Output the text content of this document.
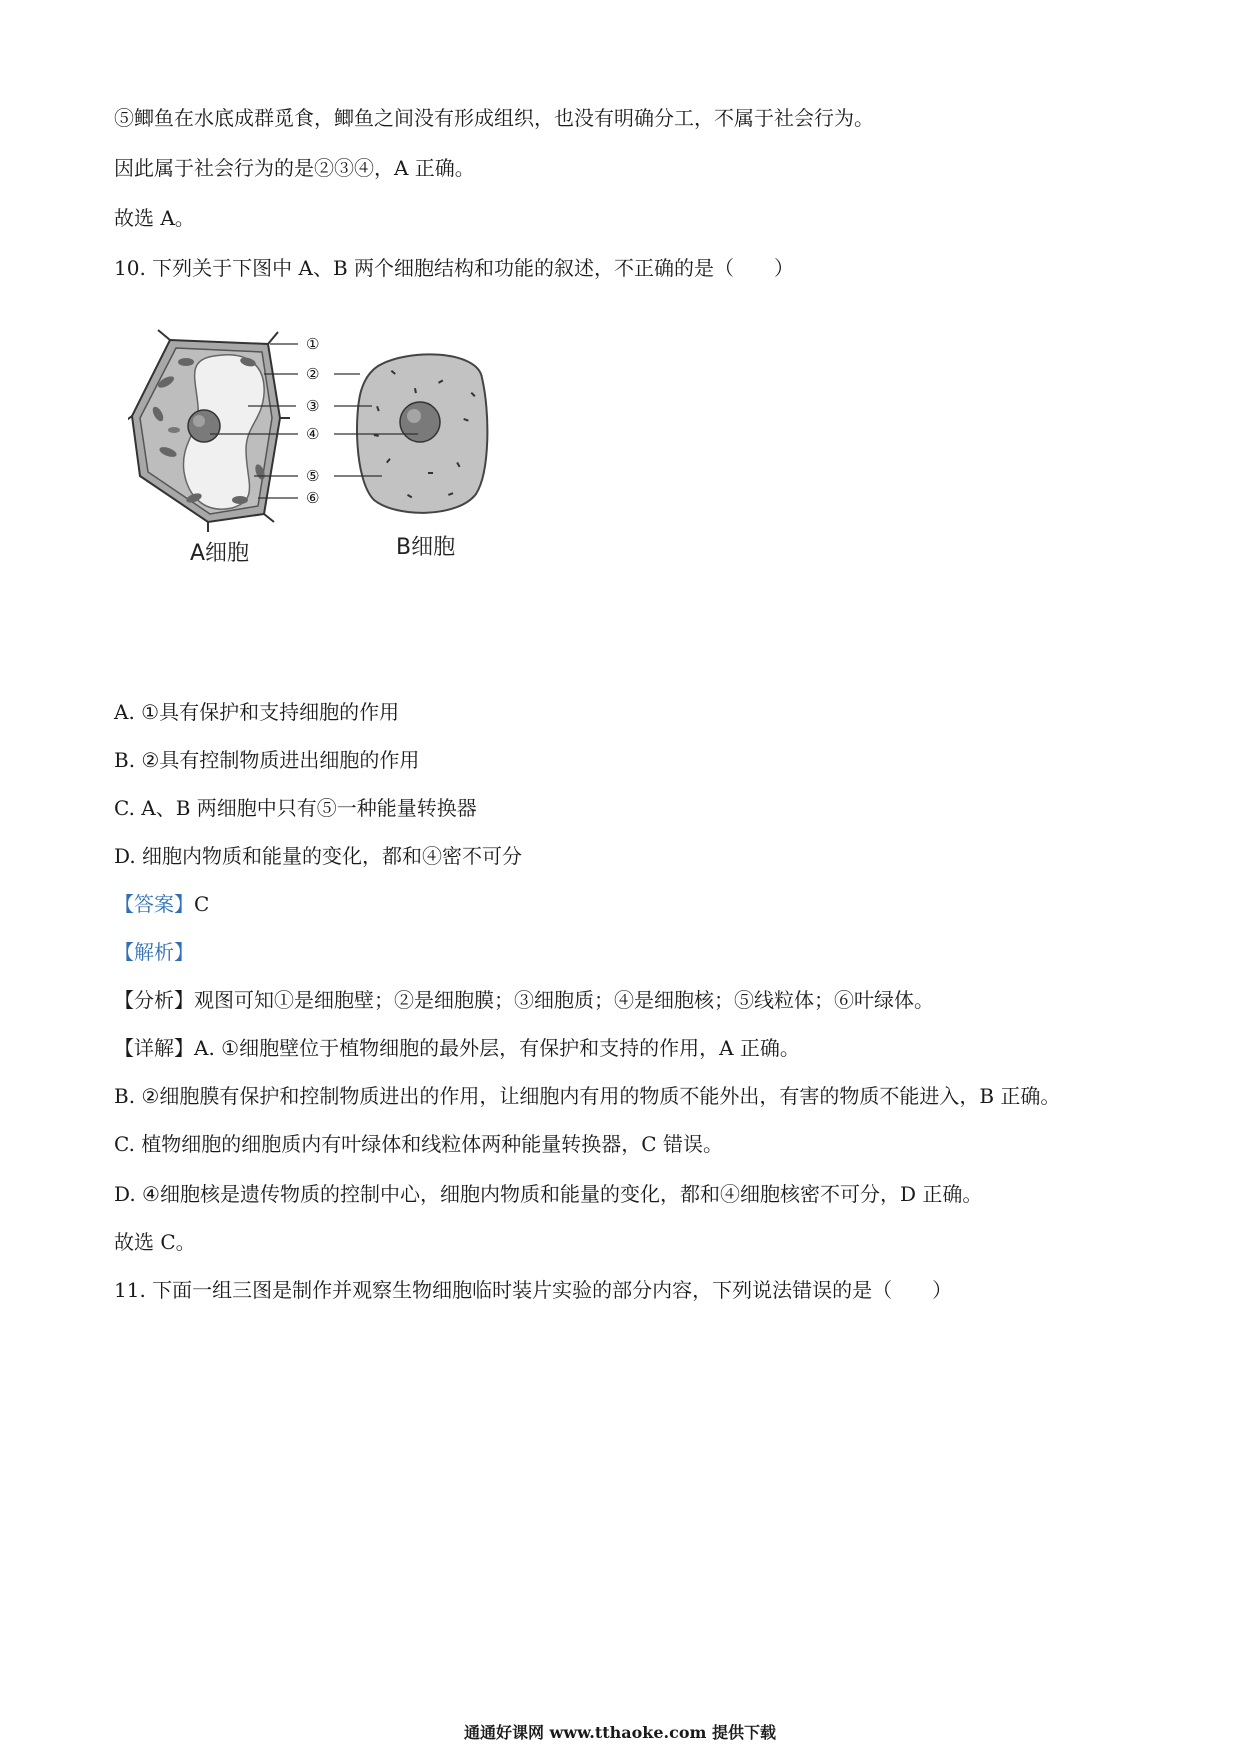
⑤鲫鱼在水底成群觅食，鲫鱼之间没有形成组织，也没有明确分工，不属于社会行为。
因此属于社会行为的是②③④，A 正确。
故选 A。
10. 下列关于下图中 A、B 两个细胞结构和功能的叙述，不正确的是（　　）
①
②
③
④
⑤
⑥
A细胞	B细胞
A. ①具有保护和支持细胞的作用
B. ②具有控制物质进出细胞的作用
C. A、B 两细胞中只有⑤一种能量转换器
D. 细胞内物质和能量的变化，都和④密不可分
【答案】C
【解析】
【分析】观图可知①是细胞壁；②是细胞膜；③细胞质；④是细胞核；⑤线粒体；⑥叶绿体。
【详解】A. ①细胞壁位于植物细胞的最外层，有保护和支持的作用，A 正确。
B. ②细胞膜有保护和控制物质进出的作用，让细胞内有用的物质不能外出，有害的物质不能进入，B 正确。
C. 植物细胞的细胞质内有叶绿体和线粒体两种能量转换器，C 错误。
D. ④细胞核是遗传物质的控制中心，细胞内物质和能量的变化，都和④细胞核密不可分，D 正确。
故选 C。
11. 下面一组三图是制作并观察生物细胞临时装片实验的部分内容，下列说法错误的是（　　）
通通好课网 www.tthaoke.com 提供下载
